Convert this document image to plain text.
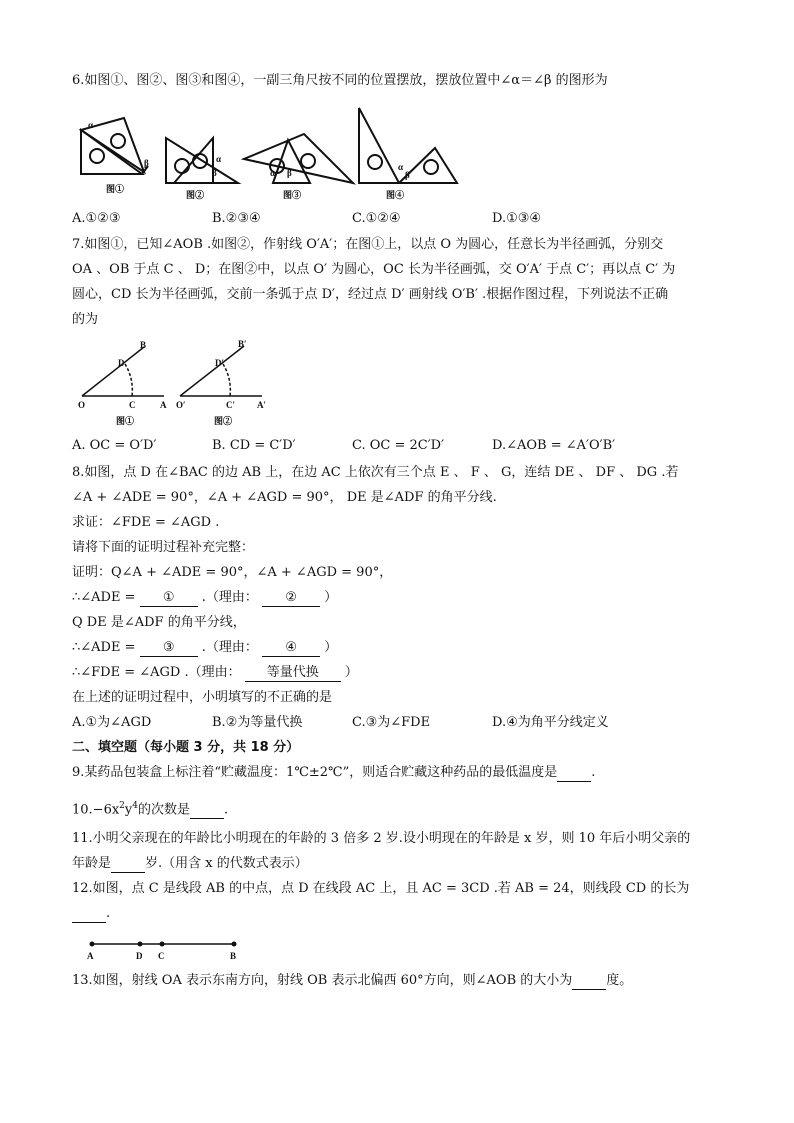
6.如图①、图②、图③和图④，一副三角尺按不同的位置摆放，摆放位置中∠α＝∠β 的图形为
α
β
图①
α
β
图②
α β
图③
α
β
图④
A.①②③	B.②③④	C.①②④	D.①③④
7.如图①，已知∠AOB .如图②，作射线 O′A′；在图①上，以点 O 为圆心，任意长为半径画弧，分别交
OA 、OB 于点 C 、 D；在图②中，以点 O′ 为圆心，OC 长为半径画弧，交 O′A′ 于点 C′；再以点 C′ 为
圆心，CD 长为半径画弧，交前一条弧于点 D′，经过点 D′ 画射线 O′B′ .根据作图过程，下列说法不正确
的为
B
D
O	C	A
图①
B′
D′
O′	C′ A′
图②
A. OC = O′D′	B. CD = C′D′	C. OC = 2C′D′	D.∠AOB = ∠A′O′B′
8.如图，点 D 在∠BAC 的边 AB 上，在边 AC 上依次有三个点 E 、 F 、 G，连结 DE 、 DF 、 DG .若
∠A + ∠ADE = 90°，∠A + ∠AGD = 90°， DE 是∠ADF 的角平分线.
求证：∠FDE = ∠AGD .
请将下面的证明过程补充完整：
证明：Q∠A + ∠ADE = 90°，∠A + ∠AGD = 90°，
∴∠ADE = ① .（理由： ② ）
Q DE 是∠ADF 的角平分线，
∴∠ADE = ③ .（理由： ④ ）
∴∠FDE = ∠AGD .（理由： 等量代换 ）
在上述的证明过程中，小明填写的不正确的是
A.①为∠AGD	B.②为等量代换	C.③为∠FDE	D.④为角平分线定义
二、填空题（每小题 3 分，共 18 分）
9.某药品包装盒上标注着“贮藏温度：1℃±2℃”，则适合贮藏这种药品的最低温度是	.
$10.-6x^2y^4$的次数是	.
11.小明父亲现在的年龄比小明现在的年龄的 3 倍多 2 岁.设小明现在的年龄是 x 岁，则 10 年后小明父亲的
年龄是	岁.（用含 x 的代数式表示）
12.如图，点 C 是线段 AB 的中点，点 D 在线段 AC 上，且 AC = 3CD .若 AB = 24，则线段 CD 的长为
.
A	D C	B
13.如图，射线 OA 表示东南方向，射线 OB 表示北偏西 60°方向，则∠AOB 的大小为	度。
